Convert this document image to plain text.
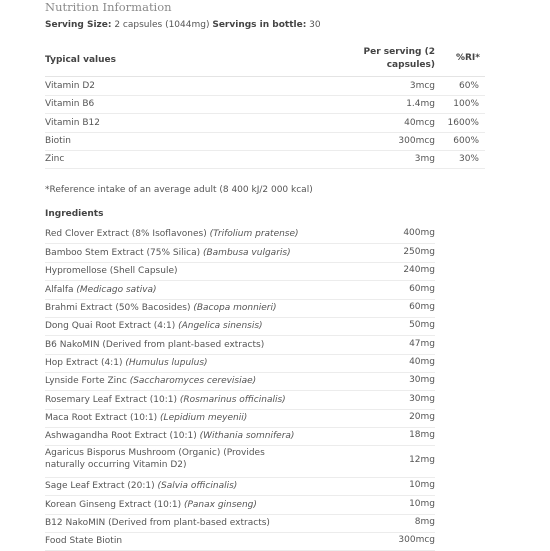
Nutrition Information
Serving Size: 2 capsules (1044mg) Servings in bottle: 30
Typical values
Per serving (2 capsules)
%RI*
Vitamin D2	3mcg	60%
Vitamin B6	1.4mg 100%
Vitamin B12	40mcg 1600%
Biotin	300mcg 600%
Zinc	3mg	30%
*Reference intake of an average adult (8 400 kJ/2 000 kcal)
Ingredients
Red Clover Extract (8% Isoflavones) (Trifolium pratense)	400mg
Bamboo Stem Extract (75% Silica) (Bambusa vulgaris)	250mg
Hypromellose (Shell Capsule)	240mg
Alfalfa (Medicago sativa)	60mg
Brahmi Extract (50% Bacosides) (Bacopa monnieri)	60mg
Dong Quai Root Extract (4:1) (Angelica sinensis)	50mg
B6 NakoMIN (Derived from plant-based extracts)	47mg
Hop Extract (4:1) (Humulus lupulus)	40mg
Lynside Forte Zinc (Saccharomyces cerevisiae)	30mg
Rosemary Leaf Extract (10:1) (Rosmarinus officinalis)	30mg
Maca Root Extract (10:1) (Lepidium meyenii)	20mg
Ashwagandha Root Extract (10:1) (Withania somnifera)	18mg
Agaricus Bisporus Mushroom (Organic) (Provides naturally occurring Vitamin D2)	12mg
Sage Leaf Extract (20:1) (Salvia officinalis)	10mg
Korean Ginseng Extract (10:1) (Panax ginseng)	10mg
B12 NakoMIN (Derived from plant-based extracts)	8mg
Food State Biotin	300mcg
